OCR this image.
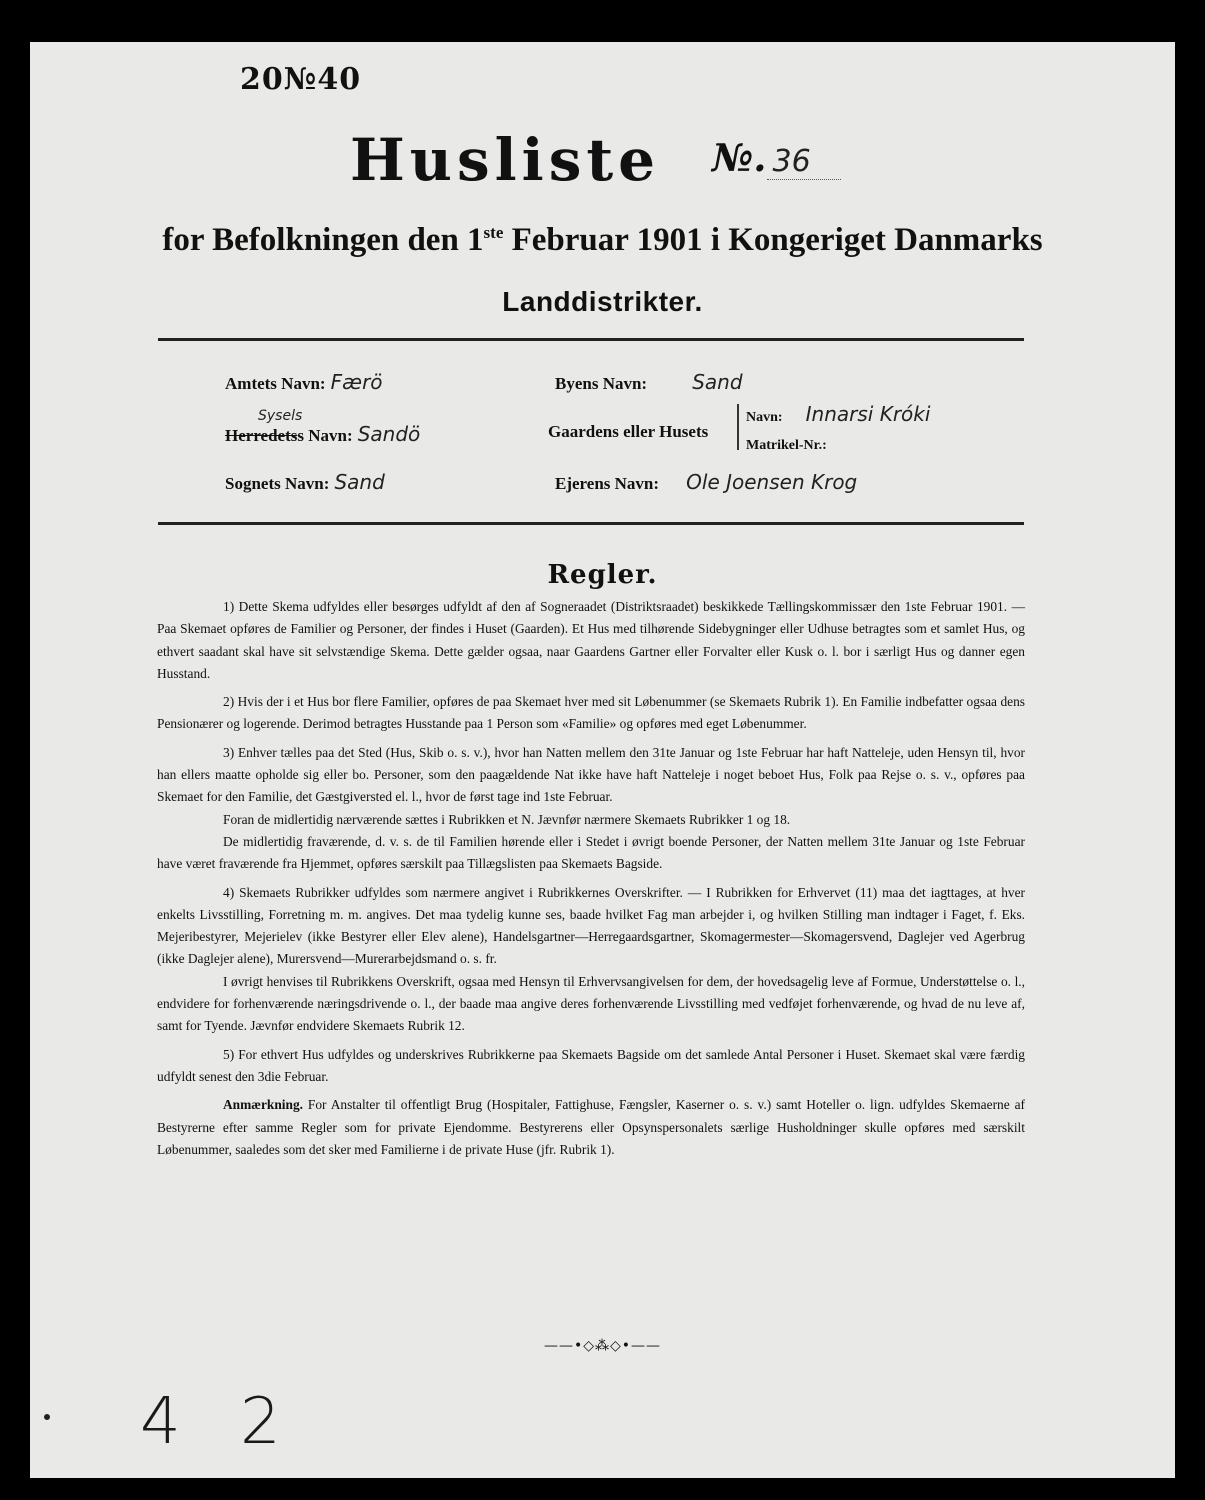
20№40
Husliste №. 36
for Befolkningen den 1ste Februar 1901 i Kongeriget Danmarks
Landdistrikter.
Amtets Navn: Færö
Sysels
Herredetss Navn: Sandö
Sognets Navn: Sand
Byens Navn: Sand
Gaardens eller Husets
Navn: Innarsi Króki
Matrikel-Nr.:
Ejerens Navn: Ole Joensen Krog
Regler.

1) Dette Skema udfyldes eller besørges udfyldt af den af Sogneraadet (Distriktsraadet) beskikkede Tællingskommissær den 1ste Februar 1901. — Paa Skemaet opføres de Familier og Personer, der findes i Huset (Gaarden). Et Hus med tilhørende Sidebygninger eller Udhuse betragtes som et samlet Hus, og ethvert saadant skal have sit selvstændige Skema. Dette gælder ogsaa, naar Gaardens Gartner eller Forvalter eller Kusk o. l. bor i særligt Hus og danner egen Husstand.

2) Hvis der i et Hus bor flere Familier, opføres de paa Skemaet hver med sit Løbenummer (se Skemaets Rubrik 1). En Familie indbefatter ogsaa dens Pensionærer og logerende. Derimod betragtes Husstande paa 1 Person som «Familie» og opføres med eget Løbenummer.

3) Enhver tælles paa det Sted (Hus, Skib o. s. v.), hvor han Natten mellem den 31te Januar og 1ste Februar har haft Natteleje, uden Hensyn til, hvor han ellers maatte opholde sig eller bo. Personer, som den paagældende Nat ikke have haft Natteleje i noget beboet Hus, Folk paa Rejse o. s. v., opføres paa Skemaet for den Familie, det Gæstgiversted el. l., hvor de først tage ind 1ste Februar.

Foran de midlertidig nærværende sættes i Rubrikken et N. Jævnfør nærmere Skemaets Rubrikker 1 og 18.

De midlertidig fraværende, d. v. s. de til Familien hørende eller i Stedet i øvrigt boende Personer, der Natten mellem 31te Januar og 1ste Februar have været fraværende fra Hjemmet, opføres særskilt paa Tillægslisten paa Skemaets Bagside.

4) Skemaets Rubrikker udfyldes som nærmere angivet i Rubrikkernes Overskrifter. — I Rubrikken for Erhvervet (11) maa det iagttages, at hver enkelts Livsstilling, Forretning m. m. angives. Det maa tydelig kunne ses, baade hvilket Fag man arbejder i, og hvilken Stilling man indtager i Faget, f. Eks. Mejeribestyrer, Mejerielev (ikke Bestyrer eller Elev alene), Handelsgartner—Herregaardsgartner, Skomagermester—Skomagersvend, Daglejer ved Agerbrug (ikke Daglejer alene), Murersvend—Murerarbejdsmand o. s. fr.

I øvrigt henvises til Rubrikkens Overskrift, ogsaa med Hensyn til Erhvervsangivelsen for dem, der hovedsagelig leve af Formue, Understøttelse o. l., endvidere for forhenværende næringsdrivende o. l., der baade maa angive deres forhenværende Livsstilling med vedføjet forhenværende, og hvad de nu leve af, samt for Tyende. Jævnfør endvidere Skemaets Rubrik 12.

5) For ethvert Hus udfyldes og underskrives Rubrikkerne paa Skemaets Bagside om det samlede Antal Personer i Huset. Skemaet skal være færdig udfyldt senest den 3die Februar.

Anmærkning. For Anstalter til offentligt Brug (Hospitaler, Fattighuse, Fængsler, Kaserner o. s. v.) samt Hoteller o. lign. udfyldes Skemaerne af Bestyrerne efter samme Regler som for private Ejendomme. Bestyrerens eller Opsynspersonalets særlige Husholdninger skulle opføres med særskilt Løbenummer, saaledes som det sker med Familierne i de private Huse (jfr. Rubrik 1).

——•◇⁂◇•——
4 2
